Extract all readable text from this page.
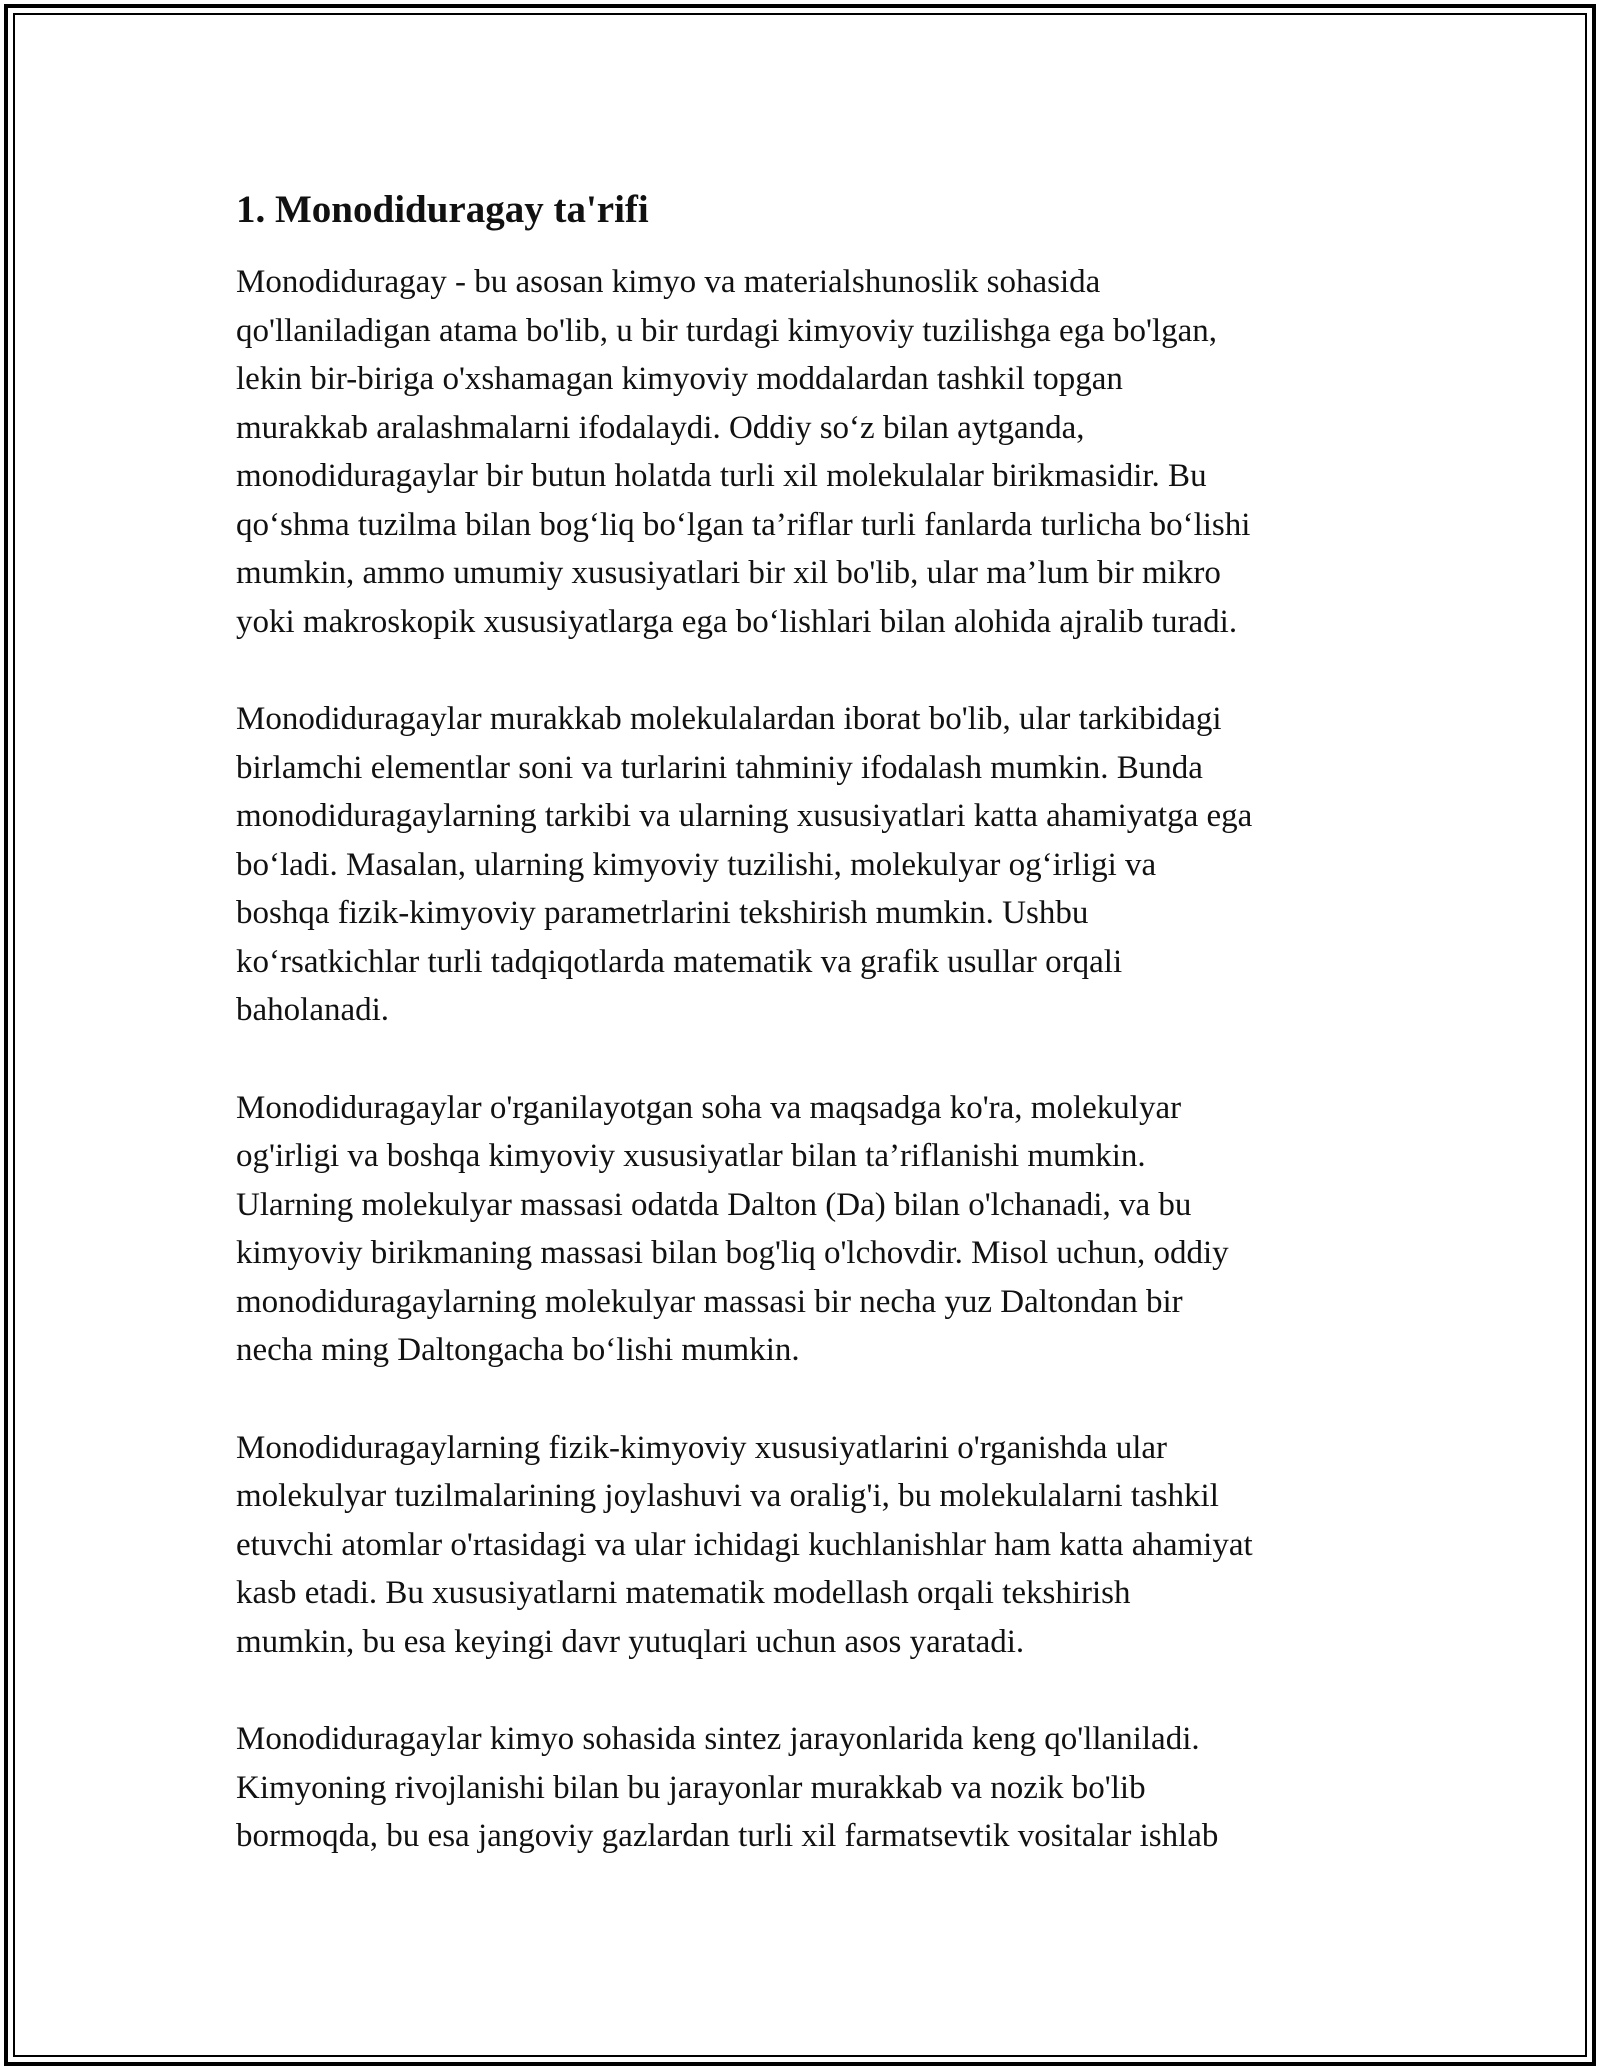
1. Monodiduragay ta'rifi

Monodiduragay - bu asosan kimyo va materialshunoslik sohasida
qo'llaniladigan atama bo'lib, u bir turdagi kimyoviy tuzilishga ega bo'lgan,
lekin bir-biriga o'xshamagan kimyoviy moddalardan tashkil topgan
murakkab aralashmalarni ifodalaydi. Oddiy so‘z bilan aytganda,
monodiduragaylar bir butun holatda turli xil molekulalar birikmasidir. Bu
qo‘shma tuzilma bilan bog‘liq bo‘lgan ta’riflar turli fanlarda turlicha bo‘lishi
mumkin, ammo umumiy xususiyatlari bir xil bo'lib, ular ma’lum bir mikro
yoki makroskopik xususiyatlarga ega bo‘lishlari bilan alohida ajralib turadi.

Monodiduragaylar murakkab molekulalardan iborat bo'lib, ular tarkibidagi
birlamchi elementlar soni va turlarini tahminiy ifodalash mumkin. Bunda
monodiduragaylarning tarkibi va ularning xususiyatlari katta ahamiyatga ega
bo‘ladi. Masalan, ularning kimyoviy tuzilishi, molekulyar og‘irligi va
boshqa fizik-kimyoviy parametrlarini tekshirish mumkin. Ushbu
ko‘rsatkichlar turli tadqiqotlarda matematik va grafik usullar orqali
baholanadi.

Monodiduragaylar o'rganilayotgan soha va maqsadga ko'ra, molekulyar
og'irligi va boshqa kimyoviy xususiyatlar bilan ta’riflanishi mumkin.
Ularning molekulyar massasi odatda Dalton (Da) bilan o'lchanadi, va bu
kimyoviy birikmaning massasi bilan bog'liq o'lchovdir. Misol uchun, oddiy
monodiduragaylarning molekulyar massasi bir necha yuz Daltondan bir
necha ming Daltongacha bo‘lishi mumkin.

Monodiduragaylarning fizik-kimyoviy xususiyatlarini o'rganishda ular
molekulyar tuzilmalarining joylashuvi va oralig'i, bu molekulalarni tashkil
etuvchi atomlar o'rtasidagi va ular ichidagi kuchlanishlar ham katta ahamiyat
kasb etadi. Bu xususiyatlarni matematik modellash orqali tekshirish
mumkin, bu esa keyingi davr yutuqlari uchun asos yaratadi.

Monodiduragaylar kimyo sohasida sintez jarayonlarida keng qo'llaniladi.
Kimyoning rivojlanishi bilan bu jarayonlar murakkab va nozik bo'lib
bormoqda, bu esa jangoviy gazlardan turli xil farmatsevtik vositalar ishlab
